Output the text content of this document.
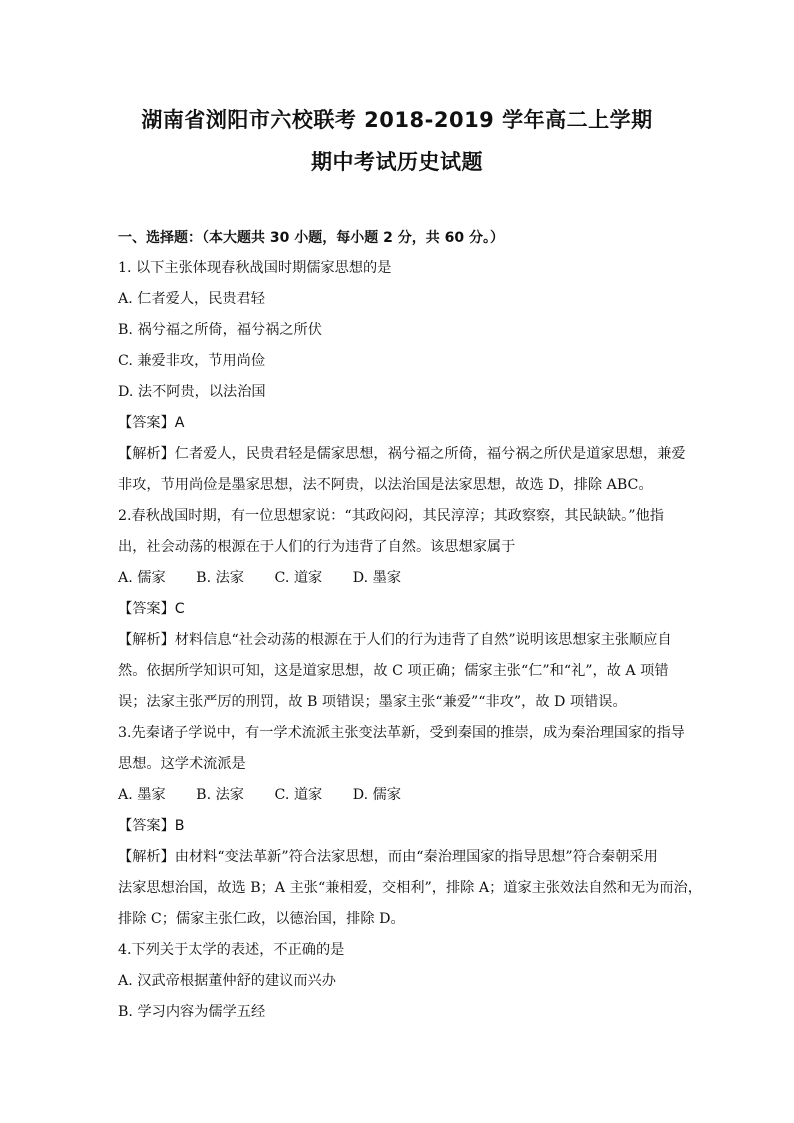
湖南省浏阳市六校联考 2018-2019 学年高二上学期
期中考试历史试题
一、选择题：（本大题共 30 小题，每小题 2 分，共 60 分。）
1. 以下主张体现春秋战国时期儒家思想的是
A. 仁者爱人，民贵君轻
B. 祸兮福之所倚，福兮祸之所伏
C. 兼爱非攻，节用尚俭
D. 法不阿贵，以法治国
【答案】A
【解析】仁者爱人，民贵君轻是儒家思想，祸兮福之所倚，福兮祸之所伏是道家思想，兼爱
非攻，节用尚俭是墨家思想，法不阿贵，以法治国是法家思想，故选 D，排除 ABC。
2.春秋战国时期，有一位思想家说：“其政闷闷，其民淳淳；其政察察，其民缺缺。”他指
出，社会动荡的根源在于人们的行为违背了自然。该思想家属于
A. 儒家 B. 法家 C. 道家 D. 墨家
【答案】C
【解析】材料信息“社会动荡的根源在于人们的行为违背了自然”说明该思想家主张顺应自
然。依据所学知识可知，这是道家思想，故 C 项正确；儒家主张“仁”和“礼”，故 A 项错
误；法家主张严厉的刑罚，故 B 项错误；墨家主张“兼爱”“非攻”，故 D 项错误。
3.先秦诸子学说中，有一学术流派主张变法革新，受到秦国的推崇，成为秦治理国家的指导
思想。这学术流派是
A. 墨家 B. 法家 C. 道家 D. 儒家
【答案】B
【解析】由材料“变法革新”符合法家思想，而由“秦治理国家的指导思想”符合秦朝采用
法家思想治国，故选 B；A 主张“兼相爱，交相利”，排除 A；道家主张效法自然和无为而治，
排除 C；儒家主张仁政，以德治国，排除 D。
4.下列关于太学的表述，不正确的是
A. 汉武帝根据董仲舒的建议而兴办
B. 学习内容为儒学五经
